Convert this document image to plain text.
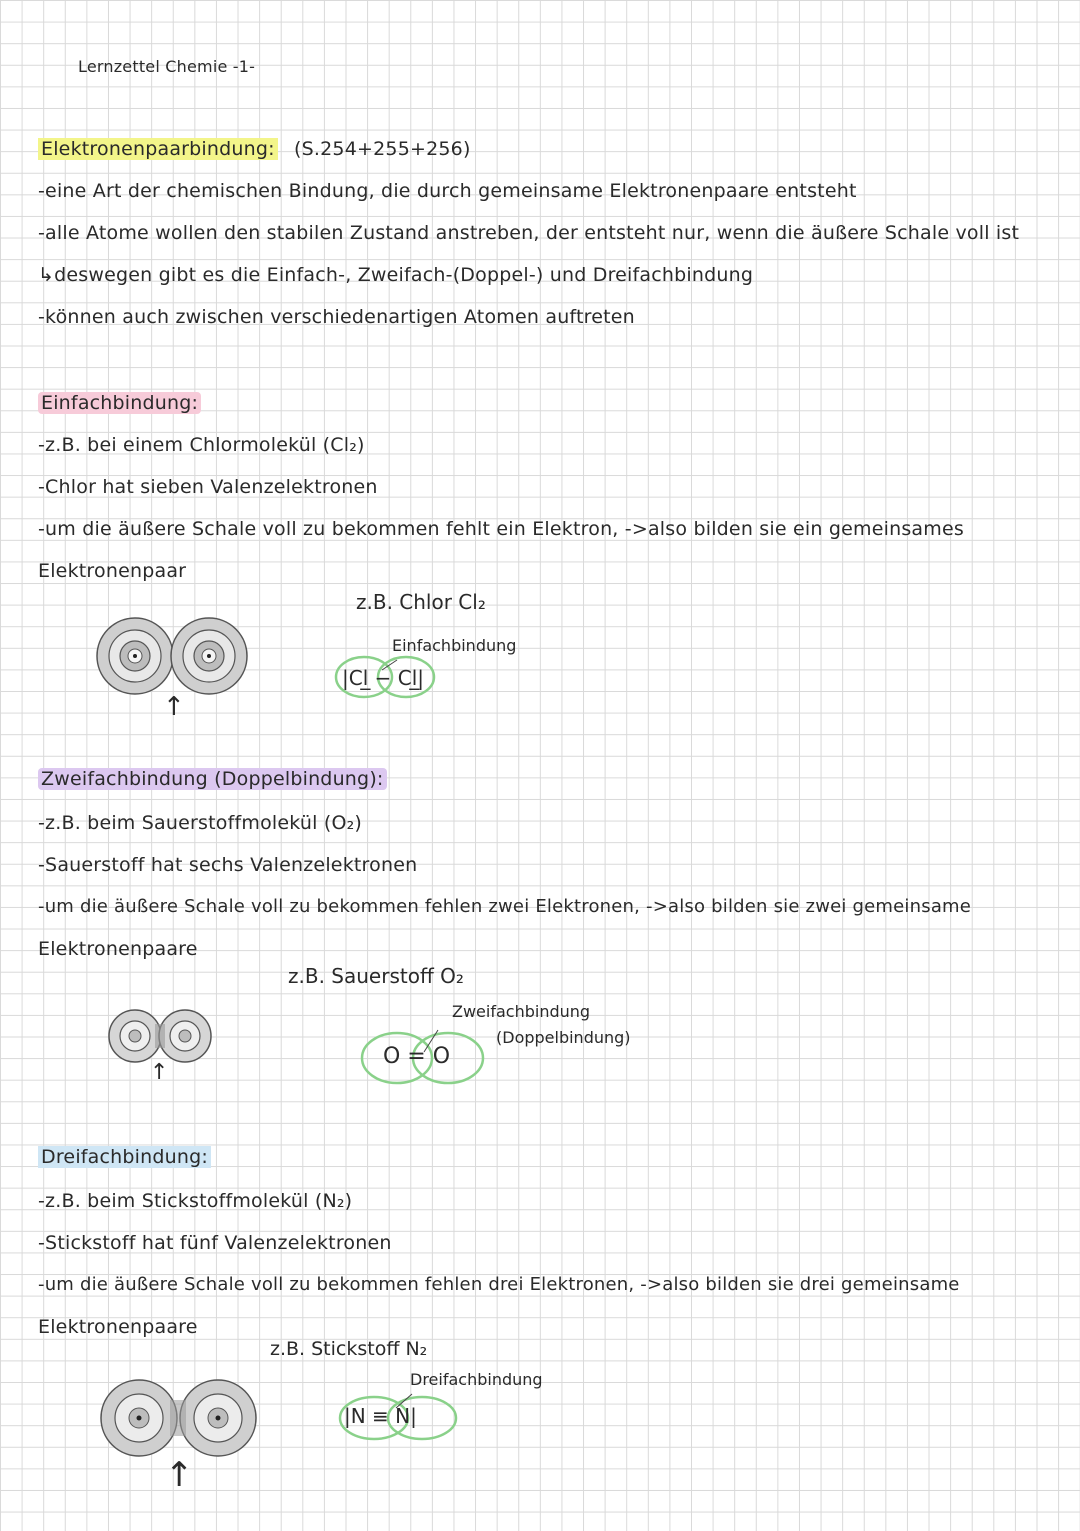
Lernzettel Chemie -1-
Elektronenpaarbindung: (S.254+255+256)
-eine Art der chemischen Bindung, die durch gemeinsame Elektronenpaare entsteht
-alle Atome wollen den stabilen Zustand anstreben, der entsteht nur, wenn die äußere Schale voll ist
↳deswegen gibt es die Einfach-, Zweifach-(Doppel-) und Dreifachbindung
-können auch zwischen verschiedenartigen Atomen auftreten
Einfachbindung:
-z.B. bei einem Chlormolekül (Cl₂)
-Chlor hat sieben Valenzelektronen
-um die äußere Schale voll zu bekommen fehlt ein Elektron, ->also bilden sie ein gemeinsames
Elektronenpaar
z.B. Chlor Cl₂
↑
Einfachbindung
|Cl̲ − Cl̲|
Zweifachbindung (Doppelbindung):
-z.B. beim Sauerstoffmolekül (O₂)
-Sauerstoff hat sechs Valenzelektronen
-um die äußere Schale voll zu bekommen fehlen zwei Elektronen, ->also bilden sie zwei gemeinsame
Elektronenpaare
z.B. Sauerstoff O₂
↑
Zweifachbindung
(Doppelbindung)
O = O
Dreifachbindung:
-z.B. beim Stickstoffmolekül (N₂)
-Stickstoff hat fünf Valenzelektronen
-um die äußere Schale voll zu bekommen fehlen drei Elektronen, ->also bilden sie drei gemeinsame
Elektronenpaare
z.B. Stickstoff N₂
↑
Dreifachbindung
|N ≡ N|
